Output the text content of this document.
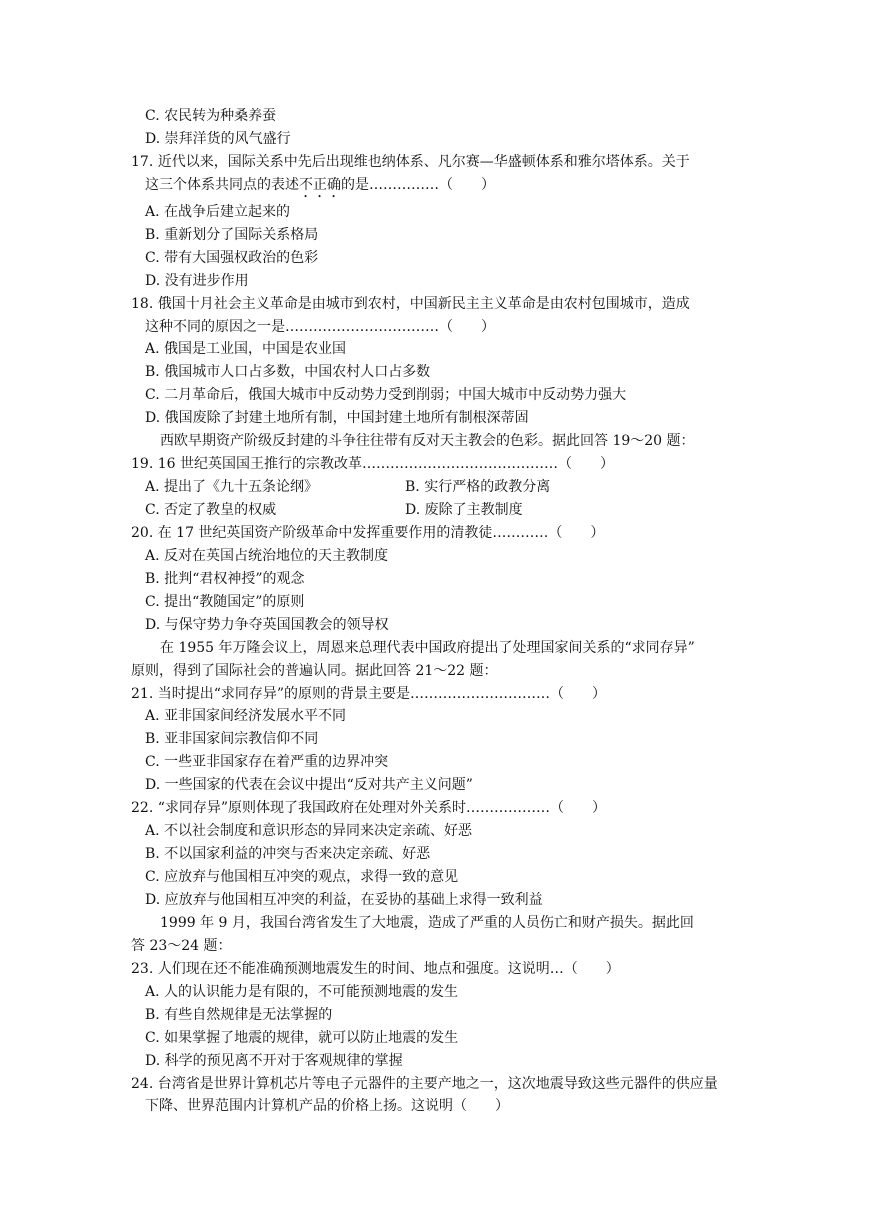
C. 农民转为种桑养蚕
D. 崇拜洋货的风气盛行
17. 近代以来，国际关系中先后出现维也纳体系、凡尔赛—华盛顿体系和雅尔塔体系。关于
这三个体系共同点的表述不正确的是……………（　　）
A. 在战争后建立起来的
B. 重新划分了国际关系格局
C. 带有大国强权政治的色彩
D. 没有进步作用
18. 俄国十月社会主义革命是由城市到农村，中国新民主主义革命是由农村包围城市，造成
这种不同的原因之一是……………………………（　　）
A. 俄国是工业国，中国是农业国
B. 俄国城市人口占多数，中国农村人口占多数
C. 二月革命后，俄国大城市中反动势力受到削弱；中国大城市中反动势力强大
D. 俄国废除了封建土地所有制，中国封建土地所有制根深蒂固
西欧早期资产阶级反封建的斗争往往带有反对天主教会的色彩。据此回答 19～20 题：
19. 16 世纪英国国王推行的宗教改革……………………………………（　　）
A. 提出了《九十五条论纲》	B. 实行严格的政教分离
C. 否定了教皇的权威	D. 废除了主教制度
20. 在 17 世纪英国资产阶级革命中发挥重要作用的清教徒…………（　　）
A. 反对在英国占统治地位的天主教制度
B. 批判“君权神授”的观念
C. 提出“教随国定”的原则
D. 与保守势力争夺英国国教会的领导权
在 1955 年万隆会议上，周恩来总理代表中国政府提出了处理国家间关系的“求同存异”
原则，得到了国际社会的普遍认同。据此回答 21～22 题：
21. 当时提出“求同存异”的原则的背景主要是…………………………（　　）
A. 亚非国家间经济发展水平不同
B. 亚非国家间宗教信仰不同
C. 一些亚非国家存在着严重的边界冲突
D. 一些国家的代表在会议中提出“反对共产主义问题”
22. “求同存异”原则体现了我国政府在处理对外关系时………………（　　）
A. 不以社会制度和意识形态的异同来决定亲疏、好恶
B. 不以国家利益的冲突与否来决定亲疏、好恶
C. 应放弃与他国相互冲突的观点，求得一致的意见
D. 应放弃与他国相互冲突的利益，在妥协的基础上求得一致利益
1999 年 9 月，我国台湾省发生了大地震，造成了严重的人员伤亡和财产损失。据此回
答 23～24 题：
23. 人们现在还不能准确预测地震发生的时间、地点和强度。这说明…（　　）
A. 人的认识能力是有限的，不可能预测地震的发生
B. 有些自然规律是无法掌握的
C. 如果掌握了地震的规律，就可以防止地震的发生
D. 科学的预见离不开对于客观规律的掌握
24. 台湾省是世界计算机芯片等电子元器件的主要产地之一，这次地震导致这些元器件的供应量
下降、世界范围内计算机产品的价格上扬。这说明（　　）
